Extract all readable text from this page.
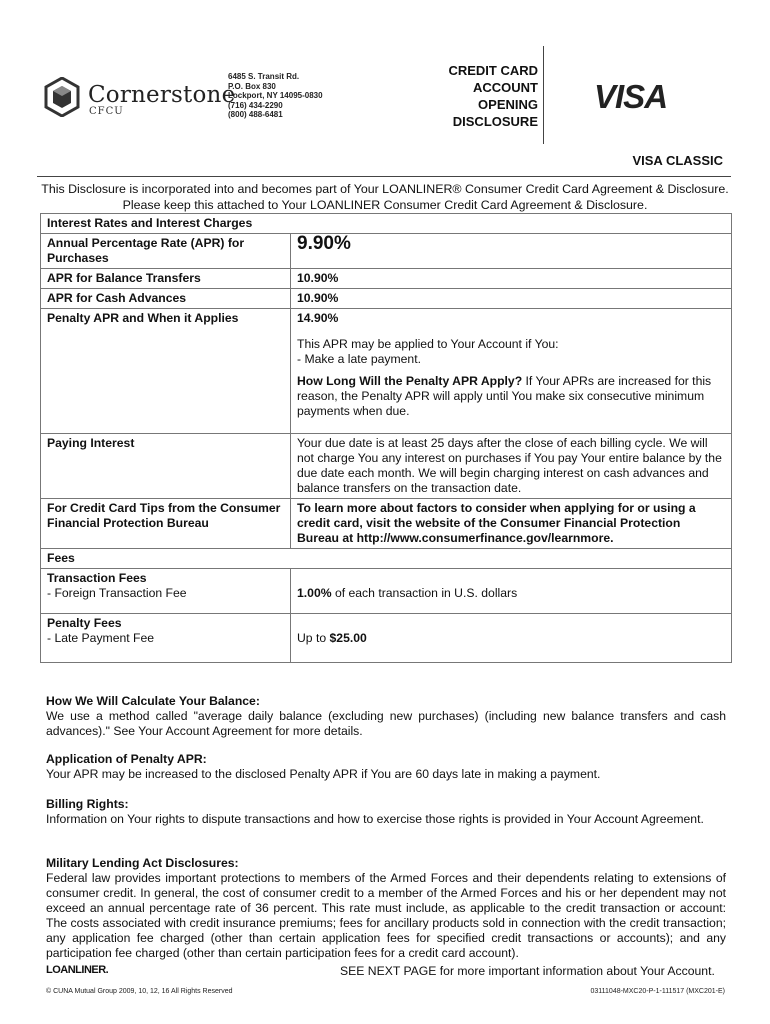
Cornerstone
CFCU
6485 S. Transit Rd.
P.O. Box 830
Lockport, NY 14095-0830
(716) 434-2290
(800) 488-6481
CREDIT CARD
ACCOUNT
OPENING
DISCLOSURE
VISA
VISA CLASSIC
This Disclosure is incorporated into and becomes part of Your LOANLINER® Consumer Credit Card Agreement & Disclosure. Please keep this attached to Your LOANLINER Consumer Credit Card Agreement & Disclosure.
Interest Rates and Interest Charges	
Annual Percentage Rate (APR) for Purchases	9.90%
APR for Balance Transfers	10.90%
APR for Cash Advances	10.90%
Penalty APR and When it Applies	14.90%
This APR may be applied to Your Account if You:
- Make a late payment.
How Long Will the Penalty APR Apply? If Your APRs are increased for this reason, the Penalty APR will apply until You make six consecutive minimum payments when due.

Paying Interest	Your due date is at least 25 days after the close of each billing cycle. We will not charge You any interest on purchases if You pay Your entire balance by the due date each month. We will begin charging interest on cash advances and balance transfers on the transaction date.
For Credit Card Tips from the Consumer Financial Protection Bureau	To learn more about factors to consider when applying for or using a credit card, visit the website of the Consumer Financial Protection Bureau at http://www.consumerfinance.gov/learnmore.
Fees	

Transaction Fees
- Foreign Transaction Fee	1.00% of each transaction in U.S. dollars

Penalty Fees
- Late Payment Fee	Up to $25.00
How We Will Calculate Your Balance:
We use a method called "average daily balance (excluding new purchases) (including new balance transfers and cash advances)." See Your Account Agreement for more details.
Application of Penalty APR:
Your APR may be increased to the disclosed Penalty APR if You are 60 days late in making a payment.
Billing Rights:
Information on Your rights to dispute transactions and how to exercise those rights is provided in Your Account Agreement.
Military Lending Act Disclosures:
Federal law provides important protections to members of the Armed Forces and their dependents relating to extensions of consumer credit. In general, the cost of consumer credit to a member of the Armed Forces and his or her dependent may not exceed an annual percentage rate of 36 percent. This rate must include, as applicable to the credit transaction or account: The costs associated with credit insurance premiums; fees for ancillary products sold in connection with the credit transaction; any application fee charged (other than certain application fees for specified credit transactions or accounts); and any participation fee charged (other than certain participation fees for a credit card account).
LOANLINER.	SEE NEXT PAGE for more important information about Your Account.
© CUNA Mutual Group 2009, 10, 12, 16 All Rights Reserved	03111048-MXC20-P-1-111517 (MXC201-E)
